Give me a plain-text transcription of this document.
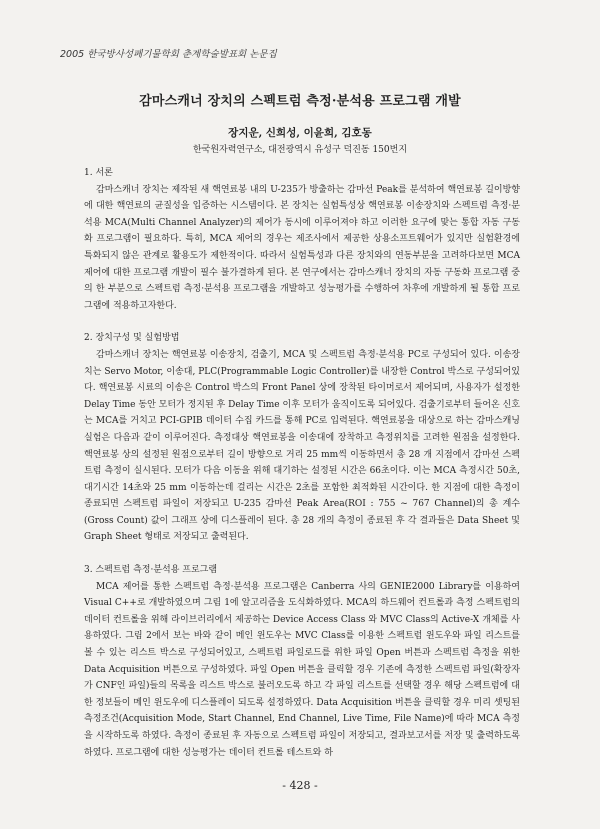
2005 한국방사성폐기물학회 춘계학술발표회 논문집
감마스캐너 장치의 스펙트럼 측정·분석용 프로그램 개발
장지운, 신희성, 이윤희, 김호동
한국원자력연구소, 대전광역시 유성구 덕진동 150번지

1. 서론

감마스캐너 장치는 제작된 새 핵연료봉 내의 U-235가 방출하는 감마선 Peak를 분석하여 핵연료봉 길이방향에 대한 핵연료의 균질성을 입증하는 시스템이다. 본 장치는 실험특성상 핵연료봉 이송장치와 스펙트럼 측정·분석용 MCA(Multi Channel Analyzer)의 제어가 동시에 이루어져야 하고 이러한 요구에 맞는 통합 자동 구동화 프로그램이 필요하다. 특히, MCA 제어의 경우는 제조사에서 제공한 상용소프트웨어가 있지만 실험환경에 특화되지 않은 관계로 활용도가 제한적이다. 따라서 실험특성과 다른 장치와의 연동부분을 고려하다보면 MCA 제어에 대한 프로그램 개발이 필수 불가결하게 된다. 본 연구에서는 감마스캐너 장치의 자동 구동화 프로그램 중의 한 부분으로 스펙트럼 측정·분석용 프로그램을 개발하고 성능평가를 수행하여 차후에 개발하게 될 통합 프로그램에 적용하고자한다.

2. 장치구성 및 실험방법

감마스캐너 장치는 핵연료봉 이송장치, 검출기, MCA 및 스펙트럼 측정·분석용 PC로 구성되어 있다. 이송장치는 Servo Motor, 이송대, PLC(Programmable Logic Controller)를 내장한 Control 박스로 구성되어있다. 핵연료봉 시료의 이송은 Control 박스의 Front Panel 상에 장착된 타이머로서 제어되며, 사용자가 설정한 Delay Time 동안 모터가 정지된 후 Delay Time 이후 모터가 움직이도록 되어있다. 검출기로부터 들어온 신호는 MCA를 거치고 PCI-GPIB 데이터 수집 카드를 통해 PC로 입력된다. 핵연료봉을 대상으로 하는 감마스캐닝 실험은 다음과 같이 이루어진다. 측정대상 핵연료봉을 이송대에 장착하고 측정위치를 고려한 원점을 설정한다. 핵연료봉 상의 설정된 원점으로부터 길이 방향으로 거리 25 mm씩 이동하면서 총 28 개 지점에서 감마선 스펙트럼 측정이 실시된다. 모터가 다음 이동을 위해 대기하는 설정된 시간은 66초이다. 이는 MCA 측정시간 50초, 대기시간 14초와 25 mm 이동하는데 걸리는 시간은 2초를 포함한 최적화된 시간이다. 한 지점에 대한 측정이 종료되면 스펙트럼 파일이 저장되고 U-235 감마선 Peak Area(ROI : 755 ~ 767 Channel)의 총 계수(Gross Count) 값이 그래프 상에 디스플레이 된다. 총 28 개의 측정이 종료된 후 각 결과들은 Data Sheet 및 Graph Sheet 형태로 저장되고 출력된다.

3. 스펙트럼 측정·분석용 프로그램

MCA 제어를 통한 스펙트럼 측정·분석용 프로그램은 Canberra 사의 GENIE2000 Library를 이용하여 Visual C++로 개발하였으며 그림 1에 알고리즘을 도식화하였다. MCA의 하드웨어 컨트롤과 측정 스펙트럼의 데이터 컨트롤을 위해 라이브러리에서 제공하는 Device Access Class 와 MVC Class의 Active-X 개체를 사용하였다. 그림 2에서 보는 바와 같이 메인 윈도우는 MVC Class를 이용한 스펙트럼 윈도우와 파일 리스트를 볼 수 있는 리스트 박스로 구성되어있고, 스펙트럼 파일로드를 위한 파일 Open 버튼과 스펙트럼 측정을 위한 Data Acquisition 버튼으로 구성하였다. 파일 Open 버튼을 클릭할 경우 기존에 측정한 스펙트럼 파일(확장자가 CNF인 파일)들의 목록을 리스트 박스로 불러오도록 하고 각 파일 리스트를 선택할 경우 해당 스펙트럼에 대한 정보들이 메인 윈도우에 디스플레이 되도록 설정하였다. Data Acquisition 버튼을 클릭할 경우 미리 셋팅된 측정조건(Acquisition Mode, Start Channel, End Channel, Live Time, File Name)에 따라 MCA 측정을 시작하도록 하였다. 측정이 종료된 후 자동으로 스펙트럼 파일이 저장되고, 결과보고서를 저장 및 출력하도록 하였다. 프로그램에 대한 성능평가는 데이터 컨트롤 테스트와 하

- 428 -
